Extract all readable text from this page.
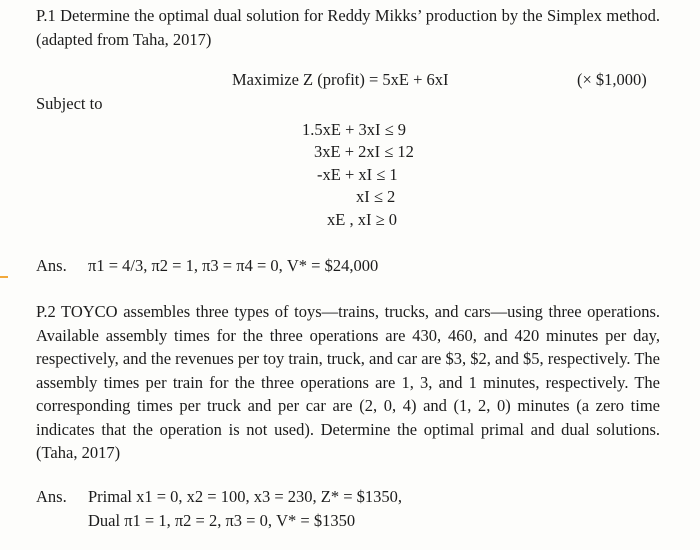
P.1 Determine the optimal dual solution for Reddy Mikks’ production by the Simplex method. (adapted from Taha, 2017)
Maximize Z (profit) = 5xE + 6xI	(× $1,000)
Subject to
1.5xE + 3xI ≤ 9
3xE + 2xI ≤ 12
-xE + xI ≤ 1
xI ≤ 2
xE , xI ≥ 0
Ans. π1 = 4/3, π2 = 1, π3 = π4 = 0, V* = $24,000
P.2 TOYCO assembles three types of toys—trains, trucks, and cars—using three operations. Available assembly times for the three operations are 430, 460, and 420 minutes per day, respectively, and the revenues per toy train, truck, and car are $3, $2, and $5, respectively. The assembly times per train for the three operations are 1, 3, and 1 minutes, respectively. The corresponding times per truck and per car are (2, 0, 4) and (1, 2, 0) minutes (a zero time indicates that the operation is not used). Determine the optimal primal and dual solutions. (Taha, 2017)
Ans. Primal x1 = 0, x2 = 100, x3 = 230, Z* = $1350,
Dual π1 = 1, π2 = 2, π3 = 0, V* = $1350
